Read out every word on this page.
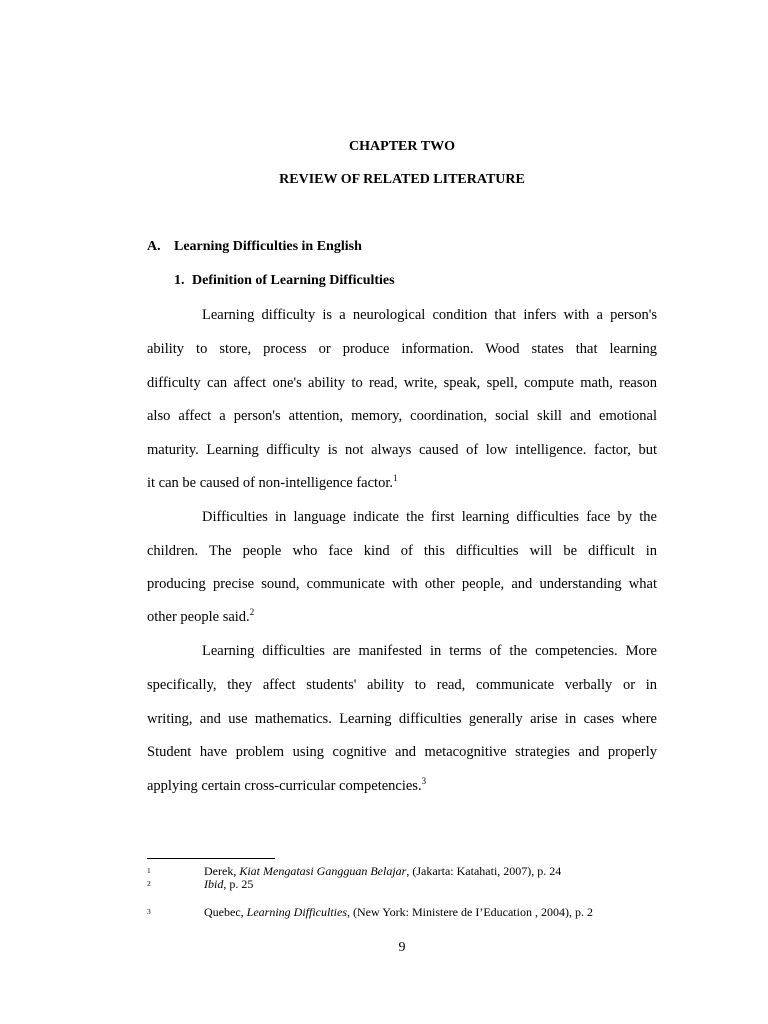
CHAPTER TWO
REVIEW OF RELATED LITERATURE
A. Learning Difficulties in English
1. Definition of Learning Difficulties
Learning difficulty is a neurological condition that infers with a person's
ability to store, process or produce information. Wood states that learning
difficulty can affect one's ability to read, write, speak, spell, compute math, reason
also affect a person's attention, memory, coordination, social skill and emotional
maturity. Learning difficulty is not always caused of low intelligence. factor, but
it can be caused of non-intelligence factor.$^1$
Difficulties in language indicate the first learning difficulties face by the
children. The people who face kind of this difficulties will be difficult in
producing precise sound, communicate with other people, and understanding what
other people said.$^2$
Learning difficulties are manifested in terms of the competencies. More
specifically, they affect students' ability to read, communicate verbally or in
writing, and use mathematics. Learning difficulties generally arise in cases where
Student have problem using cognitive and metacognitive strategies and properly
applying certain cross-curricular competencies.$^3$
1	Derek, Kiat Mengatasi Gangguan Belajar, (Jakarta: Katahati, 2007), p. 24
2	Ibid, p. 25
3	Quebec, Learning Difficulties, (New York: Ministere de I’Education , 2004), p. 2
9
